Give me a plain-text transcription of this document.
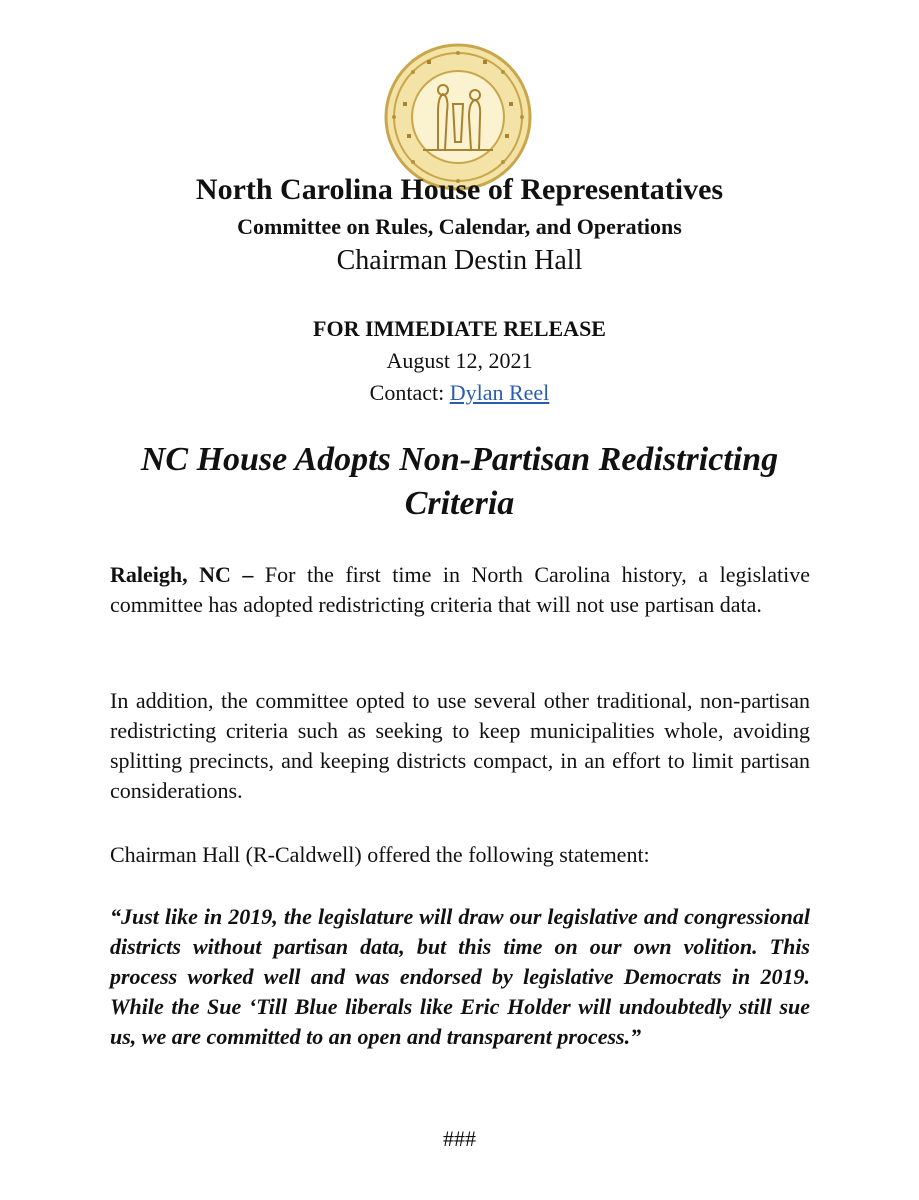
North Carolina House of Representatives
Committee on Rules, Calendar, and Operations
Chairman Destin Hall
FOR IMMEDIATE RELEASE
August 12, 2021
Contact: Dylan Reel
NC House Adopts Non-Partisan Redistricting Criteria

Raleigh, NC – For the first time in North Carolina history, a legislative committee has adopted redistricting criteria that will not use partisan data.

In addition, the committee opted to use several other traditional, non-partisan redistricting criteria such as seeking to keep municipalities whole, avoiding splitting precincts, and keeping districts compact, in an effort to limit partisan considerations.

Chairman Hall (R-Caldwell) offered the following statement:

“Just like in 2019, the legislature will draw our legislative and congressional districts without partisan data, but this time on our own volition. This process worked well and was endorsed by legislative Democrats in 2019. While the Sue ‘Till Blue liberals like Eric Holder will undoubtedly still sue us, we are committed to an open and transparent process.”

###
